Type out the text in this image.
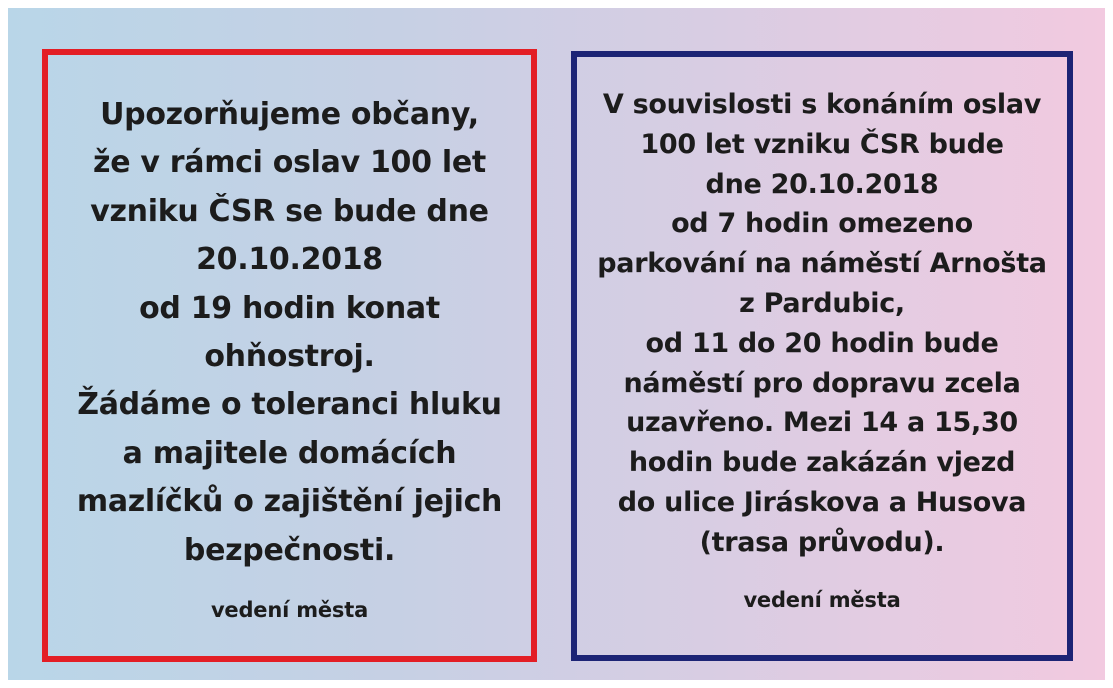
Upozorňujeme občany,
že v rámci oslav 100 let
vzniku ČSR se bude dne
20.10.2018
od 19 hodin konat
ohňostroj.
Žádáme o toleranci hluku
a majitele domácích
mazlíčků o zajištění jejich
bezpečnosti.

vedení města

V souvislosti s konáním oslav
100 let vzniku ČSR bude
dne 20.10.2018
od 7 hodin omezeno
parkování na náměstí Arnošta
z Pardubic,
od 11 do 20 hodin bude
náměstí pro dopravu zcela
uzavřeno. Mezi 14 a 15,30
hodin bude zakázán vjezd
do ulice Jiráskova a Husova
(trasa průvodu).

vedení města
